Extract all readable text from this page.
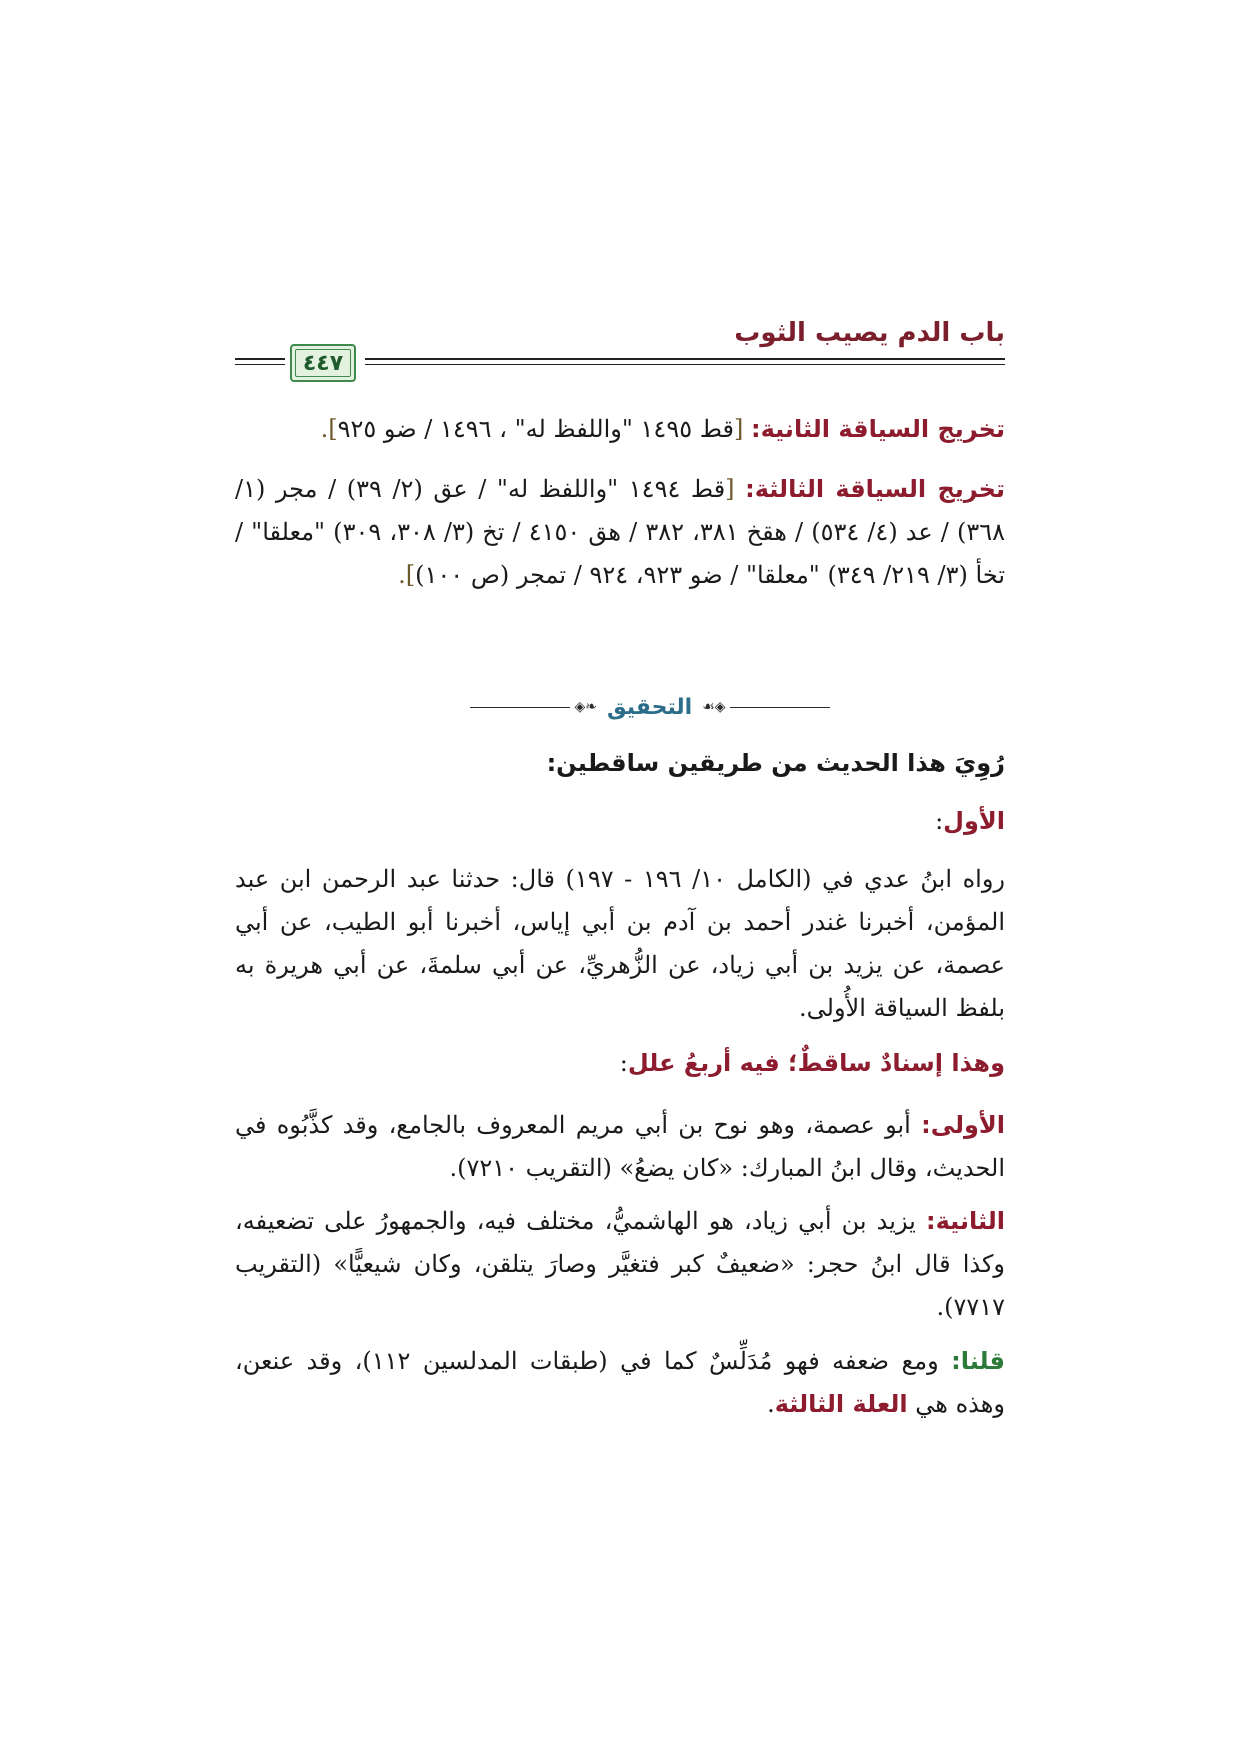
باب الدم يصيب الثوب
٤٤٧
تخريج السياقة الثانية: [قط ١٤٩٥ "واللفظ له" ، ١٤٩٦ / ضو ٩٢٥].
تخريج السياقة الثالثة: [قط ١٤٩٤ "واللفظ له" / عق (٢/ ٣٩) / مجر (١/ ٣٦٨) / عد (٤/ ٥٣٤) / هقخ ٣٨١، ٣٨٢ / هق ٤١٥٠ / تخ (٣/ ٣٠٨، ٣٠٩) "معلقا" / تخأ (٣/ ٢١٩/ ٣٤٩) "معلقا" / ضو ٩٢٣، ٩٢٤ / تمجر (ص ١٠٠)].
◈❧ التحقيق ☙◈
رُوِيَ هذا الحديث من طريقين ساقطين:
الأول:
رواه ابنُ عدي في (الكامل ١٠/ ١٩٦ - ١٩٧) قال: حدثنا عبد الرحمن ابن عبد المؤمن، أخبرنا غندر أحمد بن آدم بن أبي إياس، أخبرنا أبو الطيب، عن أبي عصمة، عن يزيد بن أبي زياد، عن الزُّهريِّ، عن أبي سلمةَ، عن أبي هريرة به بلفظ السياقة الأُولى.
وهذا إسنادٌ ساقطٌ؛ فيه أربعُ علل:
الأولى: أبو عصمة، وهو نوح بن أبي مريم المعروف بالجامع، وقد كذَّبُوه في الحديث، وقال ابنُ المبارك: «كان يضعُ» (التقريب ٧٢١٠).
الثانية: يزيد بن أبي زياد، هو الهاشميُّ، مختلف فيه، والجمهورُ على تضعيفه، وكذا قال ابنُ حجر: «ضعيفٌ كبر فتغيَّر وصارَ يتلقن، وكان شيعيًّا» (التقريب ٧٧١٧).
قلنا: ومع ضعفه فهو مُدَلِّسٌ كما في (طبقات المدلسين ١١٢)، وقد عنعن، وهذه هي العلة الثالثة.
